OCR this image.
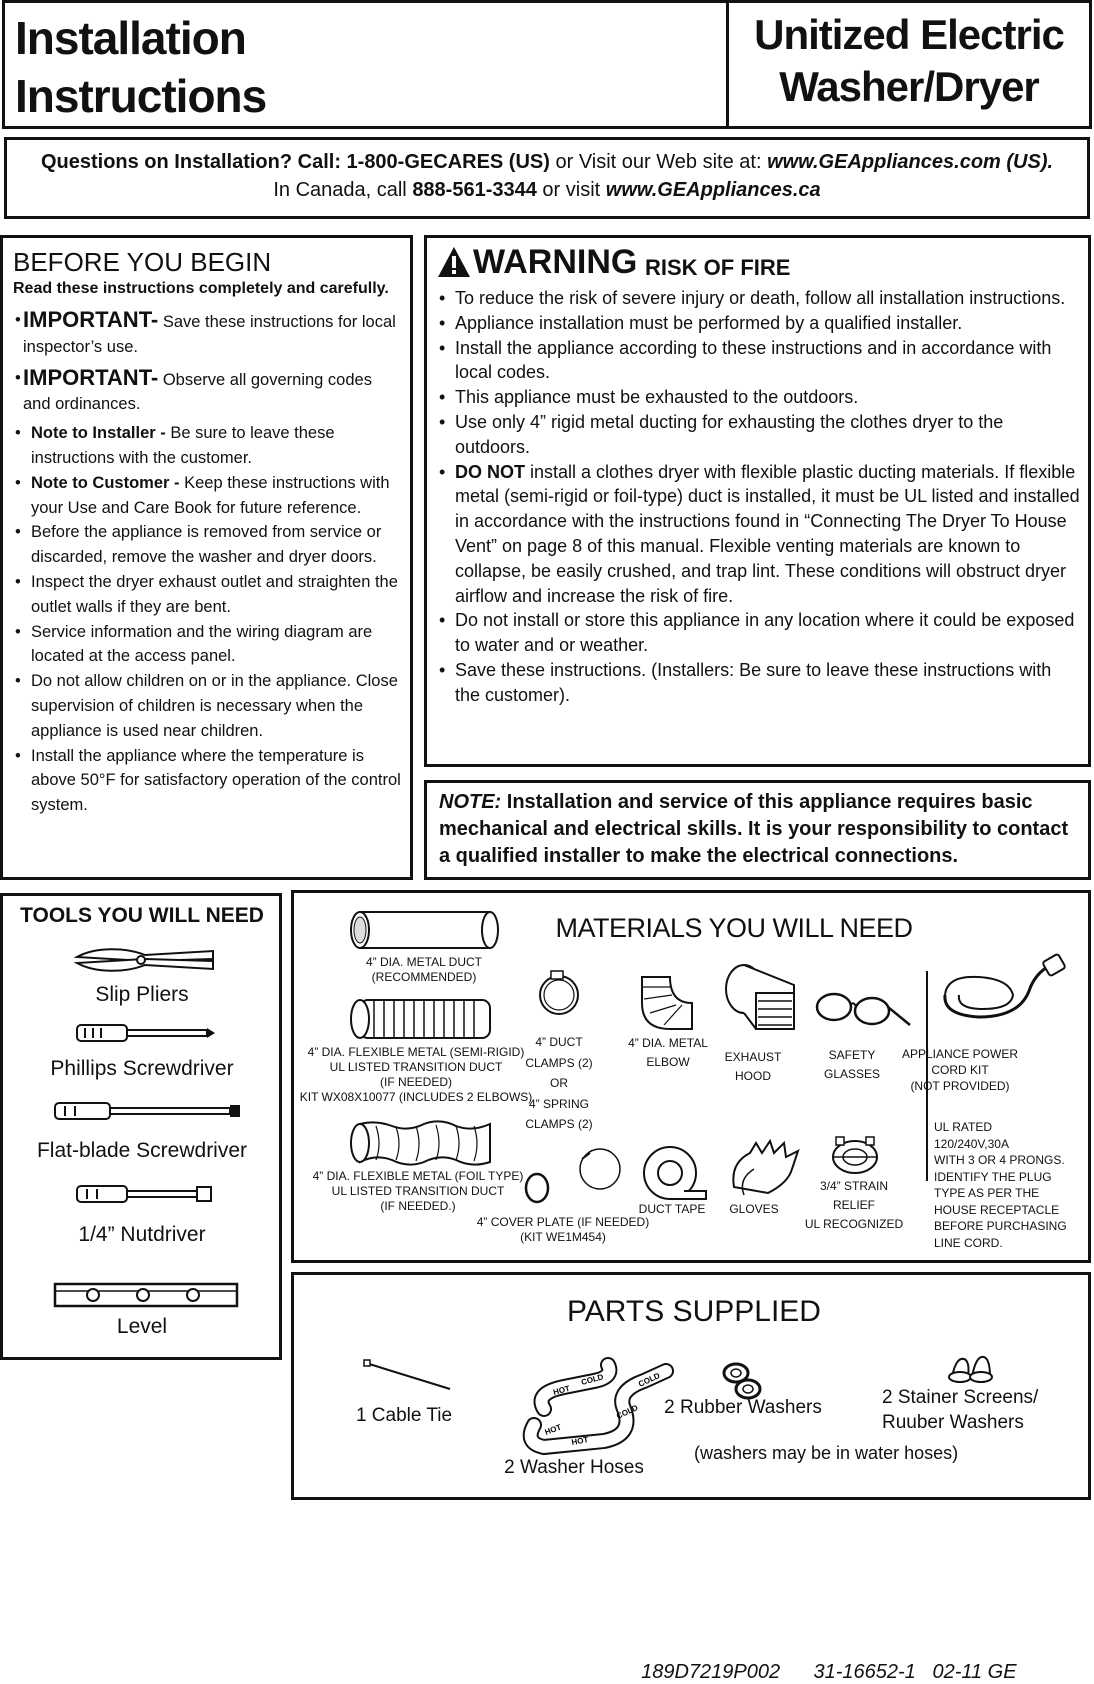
Installation
Instructions
Unitized Electric
Washer/Dryer
Questions on Installation? Call: 1-800-GECARES (US) or Visit our Web site at: www.GEAppliances.com (US).
In Canada, call 888-561-3344 or visit www.GEAppliances.ca
BEFORE YOU BEGIN
Read these instructions completely and carefully.
• IMPORTANT- Save these instructions for local inspector’s use.
• IMPORTANT- Observe all governing codes and ordinances.
• Note to Installer - Be sure to leave these instructions with the customer.
• Note to Customer - Keep these instructions with your Use and Care Book for future reference.
• Before the appliance is removed from service or discarded, remove the washer and dryer doors.
• Inspect the dryer exhaust outlet and straighten the outlet walls if they are bent.
• Service information and the wiring diagram are located at the access panel.
• Do not allow children on or in the appliance. Close supervision of children is necessary when the appliance is used near children.
• Install the appliance where the temperature is above 50°F for satisfactory operation of the control system.
WARNING RISK OF FIRE
• To reduce the risk of severe injury or death, follow all installation instructions.
• Appliance installation must be performed by a qualified installer.
• Install the appliance according to these instructions and in accordance with local codes.
• This appliance must be exhausted to the outdoors.
• Use only 4” rigid metal ducting for exhausting the clothes dryer to the outdoors.
• DO NOT install a clothes dryer with flexible plastic ducting materials. If flexible metal (semi-rigid or foil-type) duct is installed, it must be UL listed and installed in accordance with the instructions found in “Connecting The Dryer To House Vent” on page 8 of this manual. Flexible venting materials are known to collapse, be easily crushed, and trap lint. These conditions will obstruct dryer airflow and increase the risk of fire.
• Do not install or store this appliance in any location where it could be exposed to water and or weather.
• Save these instructions. (Installers: Be sure to leave these instructions with the customer).
NOTE: Installation and service of this appliance requires basic mechanical and electrical skills. It is your responsibility to contact a qualified installer to make the electrical connections.
TOOLS YOU WILL NEED
Slip Pliers
Phillips Screwdriver
Flat-blade Screwdriver
1/4” Nutdriver
Level
MATERIALS YOU WILL NEED
4” DIA. METAL DUCT
(RECOMMENDED)
4” DIA. FLEXIBLE METAL (SEMI-RIGID)
UL LISTED TRANSITION DUCT
(IF NEEDED)
KIT WX08X10077 (INCLUDES 2 ELBOWS)
4” DIA. FLEXIBLE METAL (FOIL TYPE)
UL LISTED TRANSITION DUCT
(IF NEEDED.)
4” DUCT
CLAMPS (2)
OR
4” SPRING
CLAMPS (2)
4” DIA. METAL
ELBOW	EXHAUST
HOOD
SAFETY
GLASSES
APPLIANCE POWER
CORD KIT
(NOT PROVIDED)
UL RATED
120/240V,30A
WITH 3 OR 4 PRONGS.
IDENTIFY THE PLUG
TYPE AS PER THE
HOUSE RECEPTACLE
BEFORE PURCHASING
LINE CORD.
4” COVER PLATE (IF NEEDED)
(KIT WE1M454)
DUCT TAPE	GLOVES
3/4” STRAIN
RELIEF
UL RECOGNIZED
PARTS SUPPLIED
1 Cable Tie
HOT
HOT
HOT
COLD
COLD	COLD
2 Washer Hoses
2 Rubber Washers	2 Stainer Screens/
Ruuber Washers
(washers may be in water hoses)

189D7219P002 31-16652-1   02-11 GE
